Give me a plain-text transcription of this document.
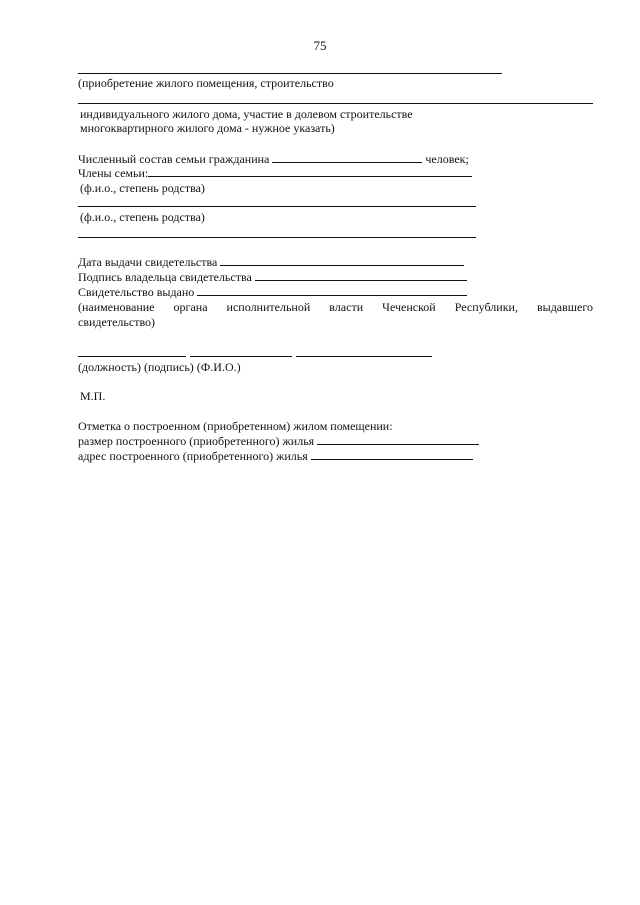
75
(приобретение жилого помещения, строительство
индивидуального жилого дома, участие в долевом строительстве
многоквартирного жилого дома - нужное указать)
Численный состав семьи гражданина	человек;
Члены семьи:
(ф.и.о., степень родства)
(ф.и.о., степень родства)
Дата выдачи свидетельства
Подпись владельца свидетельства
Свидетельство выдано
(наименование органа исполнительной власти Чеченской Республики, выдавшего
свидетельство)
(должность) (подпись) (Ф.И.О.)
М.П.
Отметка о построенном (приобретенном) жилом помещении:
размер построенного (приобретенного) жилья
адрес построенного (приобретенного) жилья
